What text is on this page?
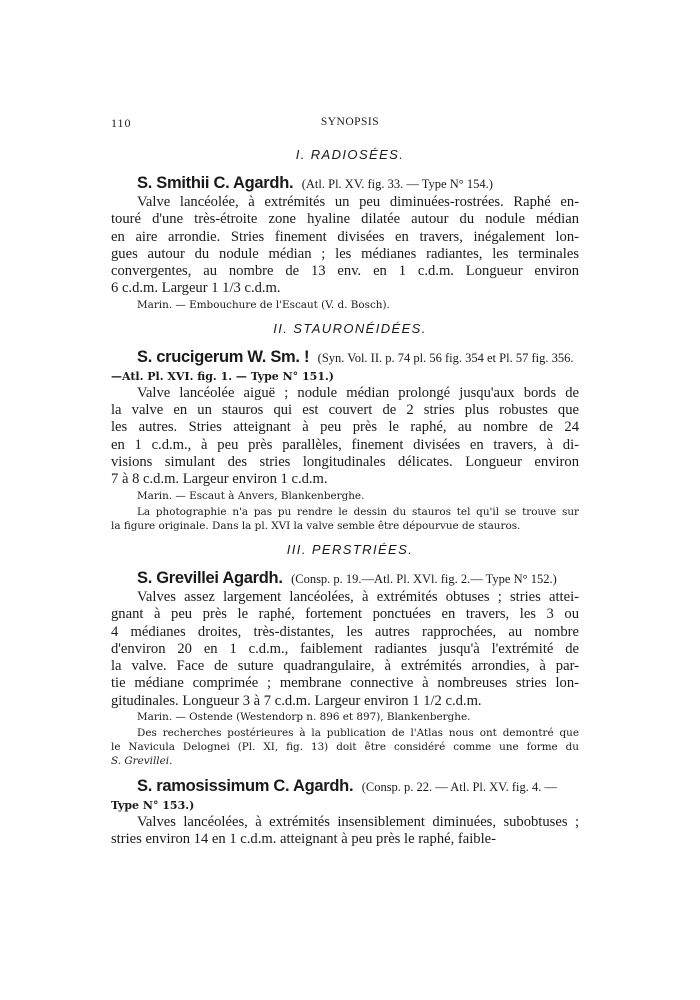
110	SYNOPSIS
I. RADIOSÉES.
S. Smithii C. Agardh. (Atl. Pl. XV. fig. 33. — Type N° 154.)
Valve lancéolée, à extrémités un peu diminuées-rostrées. Raphé en-
touré d'une très-étroite zone hyaline dilatée autour du nodule médian
en aire arrondie. Stries finement divisées en travers, inégalement lon-
gues autour du nodule médian ; les médianes radiantes, les terminales
convergentes, au nombre de 13 env. en 1 c.d.m. Longueur environ
6 c.d.m. Largeur 1 1/3 c.d.m.
Marin. — Embouchure de l'Escaut (V. d. Bosch).
II. STAURONÉIDÉES.
S. crucigerum W. Sm. ! (Syn. Vol. II. p. 74 pl. 56 fig. 354 et Pl. 57 fig. 356.
—Atl. Pl. XVI. fig. 1. — Type N° 151.)
Valve lancéolée aiguë ; nodule médian prolongé jusqu'aux bords de
la valve en un stauros qui est couvert de 2 stries plus robustes que
les autres. Stries atteignant à peu près le raphé, au nombre de 24
en 1 c.d.m., à peu près parallèles, finement divisées en travers, à di-
visions simulant des stries longitudinales délicates. Longueur environ
7 à 8 c.d.m. Largeur environ 1 c.d.m.
Marin. — Escaut à Anvers, Blankenberghe.
La photographie n'a pas pu rendre le dessin du stauros tel qu'il se trouve sur
la figure originale. Dans la pl. XVI la valve semble être dépourvue de stauros.
III. PERSTRIÉES.
S. Grevillei Agardh. (Consp. p. 19.—Atl. Pl. XVl. fig. 2.— Type N° 152.)
Valves assez largement lancéolées, à extrémités obtuses ; stries attei-
gnant à peu près le raphé, fortement ponctuées en travers, les 3 ou
4 médianes droites, très-distantes, les autres rapprochées, au nombre
d'environ 20 en 1 c.d.m., faiblement radiantes jusqu'à l'extrémité de
la valve. Face de suture quadrangulaire, à extrémités arrondies, à par-
tie médiane comprimée ; membrane connective à nombreuses stries lon-
gitudinales. Longueur 3 à 7 c.d.m. Largeur environ 1 1/2 c.d.m.
Marin. — Ostende (Westendorp n. 896 et 897), Blankenberghe.
Des recherches postérieures à la publication de l'Atlas nous ont demontré que
le Navicula Delognei (Pl. XI, fig. 13) doit être considéré comme une forme du
S. Grevillei.
S. ramosissimum C. Agardh. (Consp. p. 22. — Atl. Pl. XV. fig. 4. —
Type N° 153.)
Valves lancéolées, à extrémités insensiblement diminuées, subobtuses ;
stries environ 14 en 1 c.d.m. atteignant à peu près le raphé, faible-
